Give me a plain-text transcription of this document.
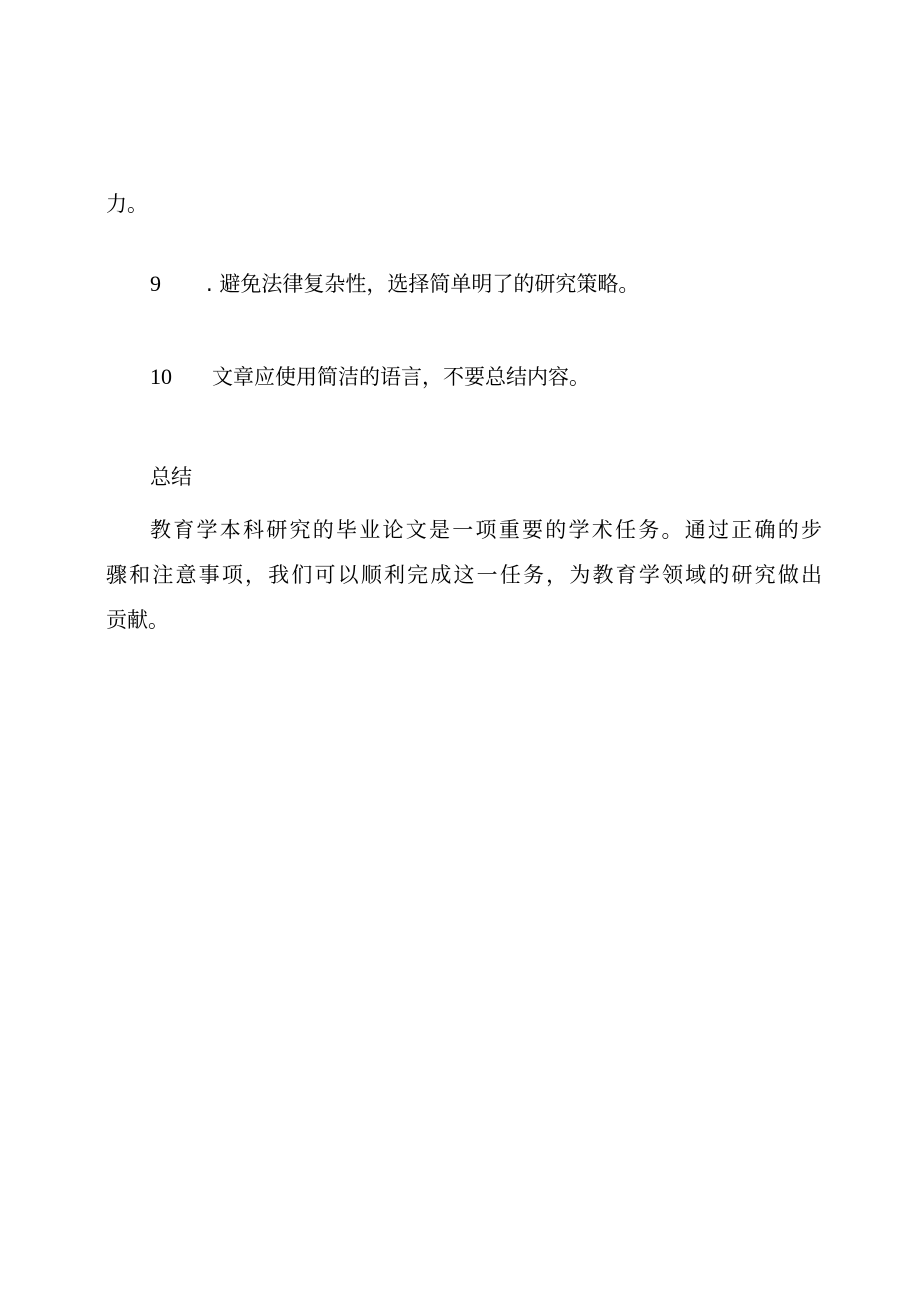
力。
9 . 避免法律复杂性，选择简单明了的研究策略。
10 文章应使用简洁的语言，不要总结内容。
总结
教育学本科研究的毕业论文是一项重要的学术任务。通过正确的步
骤和注意事项，我们可以顺利完成这一任务，为教育学领域的研究做出
贡献。
